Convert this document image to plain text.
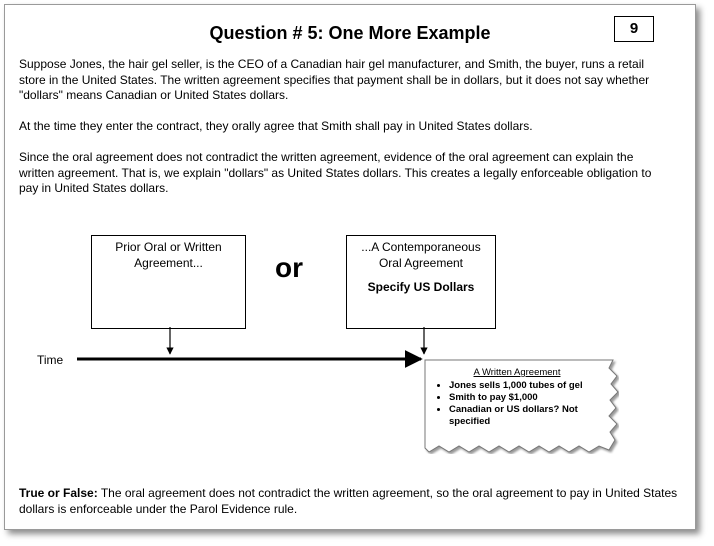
Question # 5: One More Example	9
Suppose Jones, the hair gel seller, is the CEO of a Canadian hair gel manufacturer, and Smith, the buyer, runs a retail store in the United States. The written agreement specifies that payment shall be in dollars, but it does not say whether "dollars" means Canadian or United States dollars.
At the time they enter the contract, they orally agree that Smith shall pay in United States dollars.
Since the oral agreement does not contradict the written agreement, evidence of the oral agreement can explain the written agreement. That is, we explain "dollars" as United States dollars. This creates a legally enforceable obligation to pay in United States dollars.
Prior Oral or Written
Agreement...	or
...A Contemporaneous
Oral Agreement
Specify US Dollars
Time
A Written Agreement
• Jones sells 1,000 tubes of gel
• Smith to pay $1,000
• Canadian or US dollars? Not specified
True or False: The oral agreement does not contradict the written agreement, so the oral agreement to pay in United States dollars is enforceable under the Parol Evidence rule.
